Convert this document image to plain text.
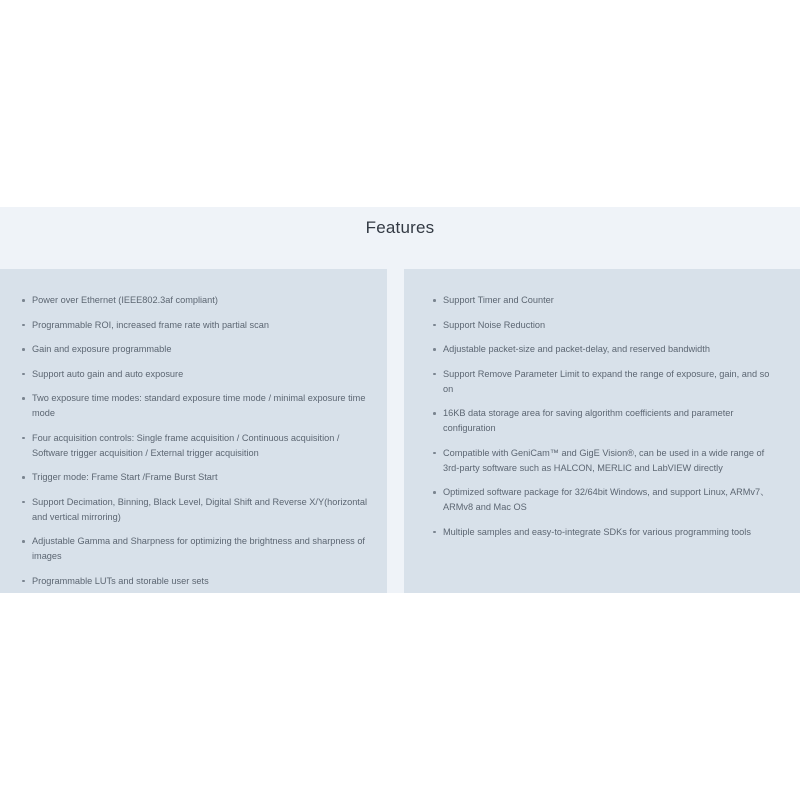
Features
Power over Ethernet (IEEE802.3af compliant)
Programmable ROI, increased frame rate with partial scan
Gain and exposure programmable
Support auto gain and auto exposure
Two exposure time modes: standard exposure time mode / minimal exposure time mode
Four acquisition controls: Single frame acquisition / Continuous acquisition / Software trigger acquisition / External trigger acquisition
Trigger mode: Frame Start /Frame Burst Start
Support Decimation, Binning, Black Level, Digital Shift and Reverse X/Y(horizontal and vertical mirroring)
Adjustable Gamma and Sharpness for optimizing the brightness and sharpness of images
Programmable LUTs and storable user sets
Support Timer and Counter
Support Noise Reduction
Adjustable packet-size and packet-delay, and reserved bandwidth
Support Remove Parameter Limit to expand the range of exposure, gain, and so on
16KB data storage area for saving algorithm coefficients and parameter configuration
Compatible with GeniCam™ and GigE Vision®, can be used in a wide range of 3rd-party software such as HALCON, MERLIC and LabVIEW directly
Optimized software package for 32/64bit Windows, and support Linux, ARMv7、ARMv8 and Mac OS
Multiple samples and easy-to-integrate SDKs for various programming tools
